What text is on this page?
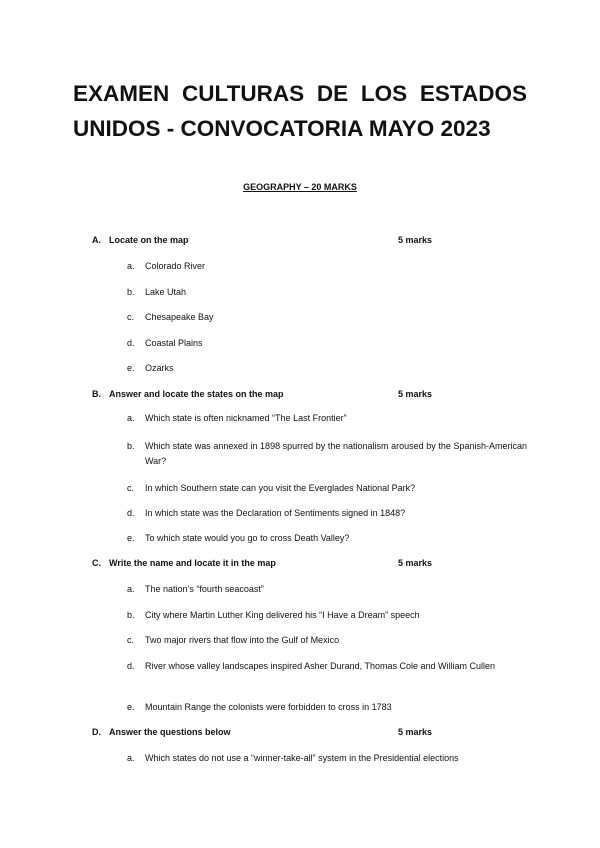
EXAMEN CULTURAS DE LOS ESTADOS
UNIDOS - CONVOCATORIA MAYO 2023
GEOGRAPHY – 20 MARKS
A. Locate on the map	5 marks
a. Colorado River
b. Lake Utah
c. Chesapeake Bay
d. Coastal Plains
e. Ozarks
B. Answer and locate the states on the map	5 marks
a. Which state is often nicknamed “The Last Frontier”
b. Which state was annexed in 1898 spurred by the nationalism aroused by the Spanish-American War?
c. In which Southern state can you visit the Everglades National Park?
d. In which state was the Declaration of Sentiments signed in 1848?
e. To which state would you go to cross Death Valley?
C. Write the name and locate it in the map	5 marks
a. The nation’s “fourth seacoast”
b. City where Martin Luther King delivered his “I Have a Dream” speech
c. Two major rivers that flow into the Gulf of Mexico
d. River whose valley landscapes inspired Asher Durand, Thomas Cole and William Cullen
e. Mountain Range the colonists were forbidden to cross in 1783
D. Answer the questions below	5 marks
a. Which states do not use a “winner-take-all” system in the Presidential elections
